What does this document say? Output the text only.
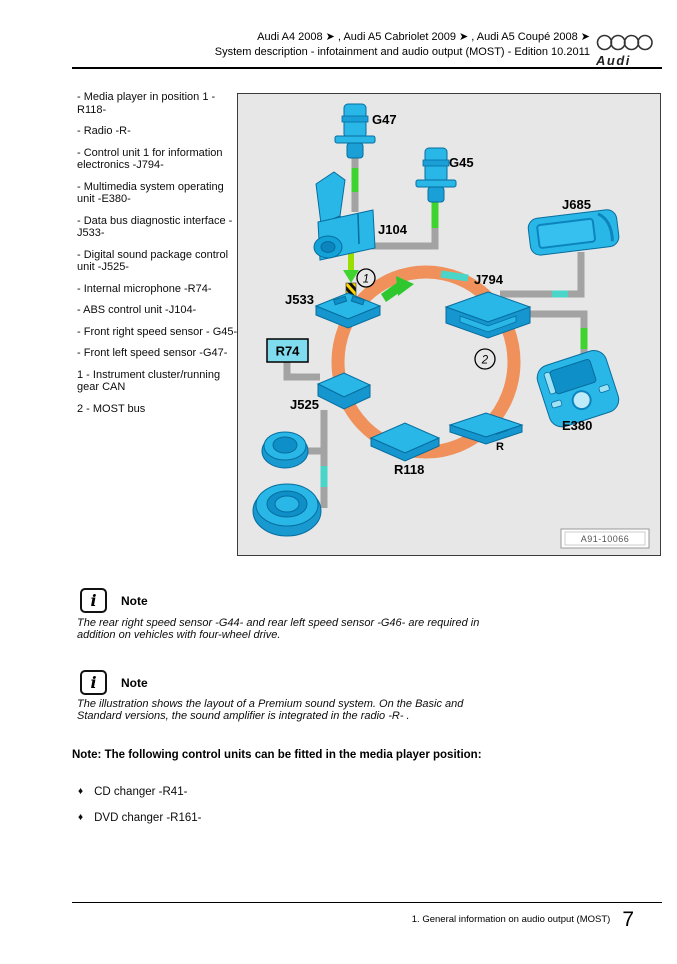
Audi A4 2008 ➤ , Audi A5 Cabriolet 2009 ➤ , Audi A5 Coupé 2008 ➤
System description - infotainment and audio output (MOST) - Edition 10.2011
Audi
- Media player in position 1 - R118-
- Radio -R-
- Control unit 1 for information electronics -J794-
- Multimedia system operating unit -E380-
- Data bus diagnostic interface -J533-
- Digital sound package control unit -J525-
- Internal microphone -R74-
- ABS control unit -J104-
- Front right speed sensor - G45-
- Front left speed sensor -G47-
1 - Instrument cluster/running gear CAN
2 - MOST bus
R74
1
2
G47
G45
J104
J685
J794
J533
J525
R118
R
E380
A91-10066
i
Note
The rear right speed sensor -G44- and rear left speed sensor -G46- are required in addition on vehicles with four-wheel drive.
i
Note
The illustration shows the layout of a Premium sound system. On the Basic and Standard versions, the sound amplifier is integrated in the radio -R- .
Note: The following control units can be fitted in the media player position:
♦ CD changer -R41-
♦ DVD changer -R161-
1. General information on audio output (MOST) 7
